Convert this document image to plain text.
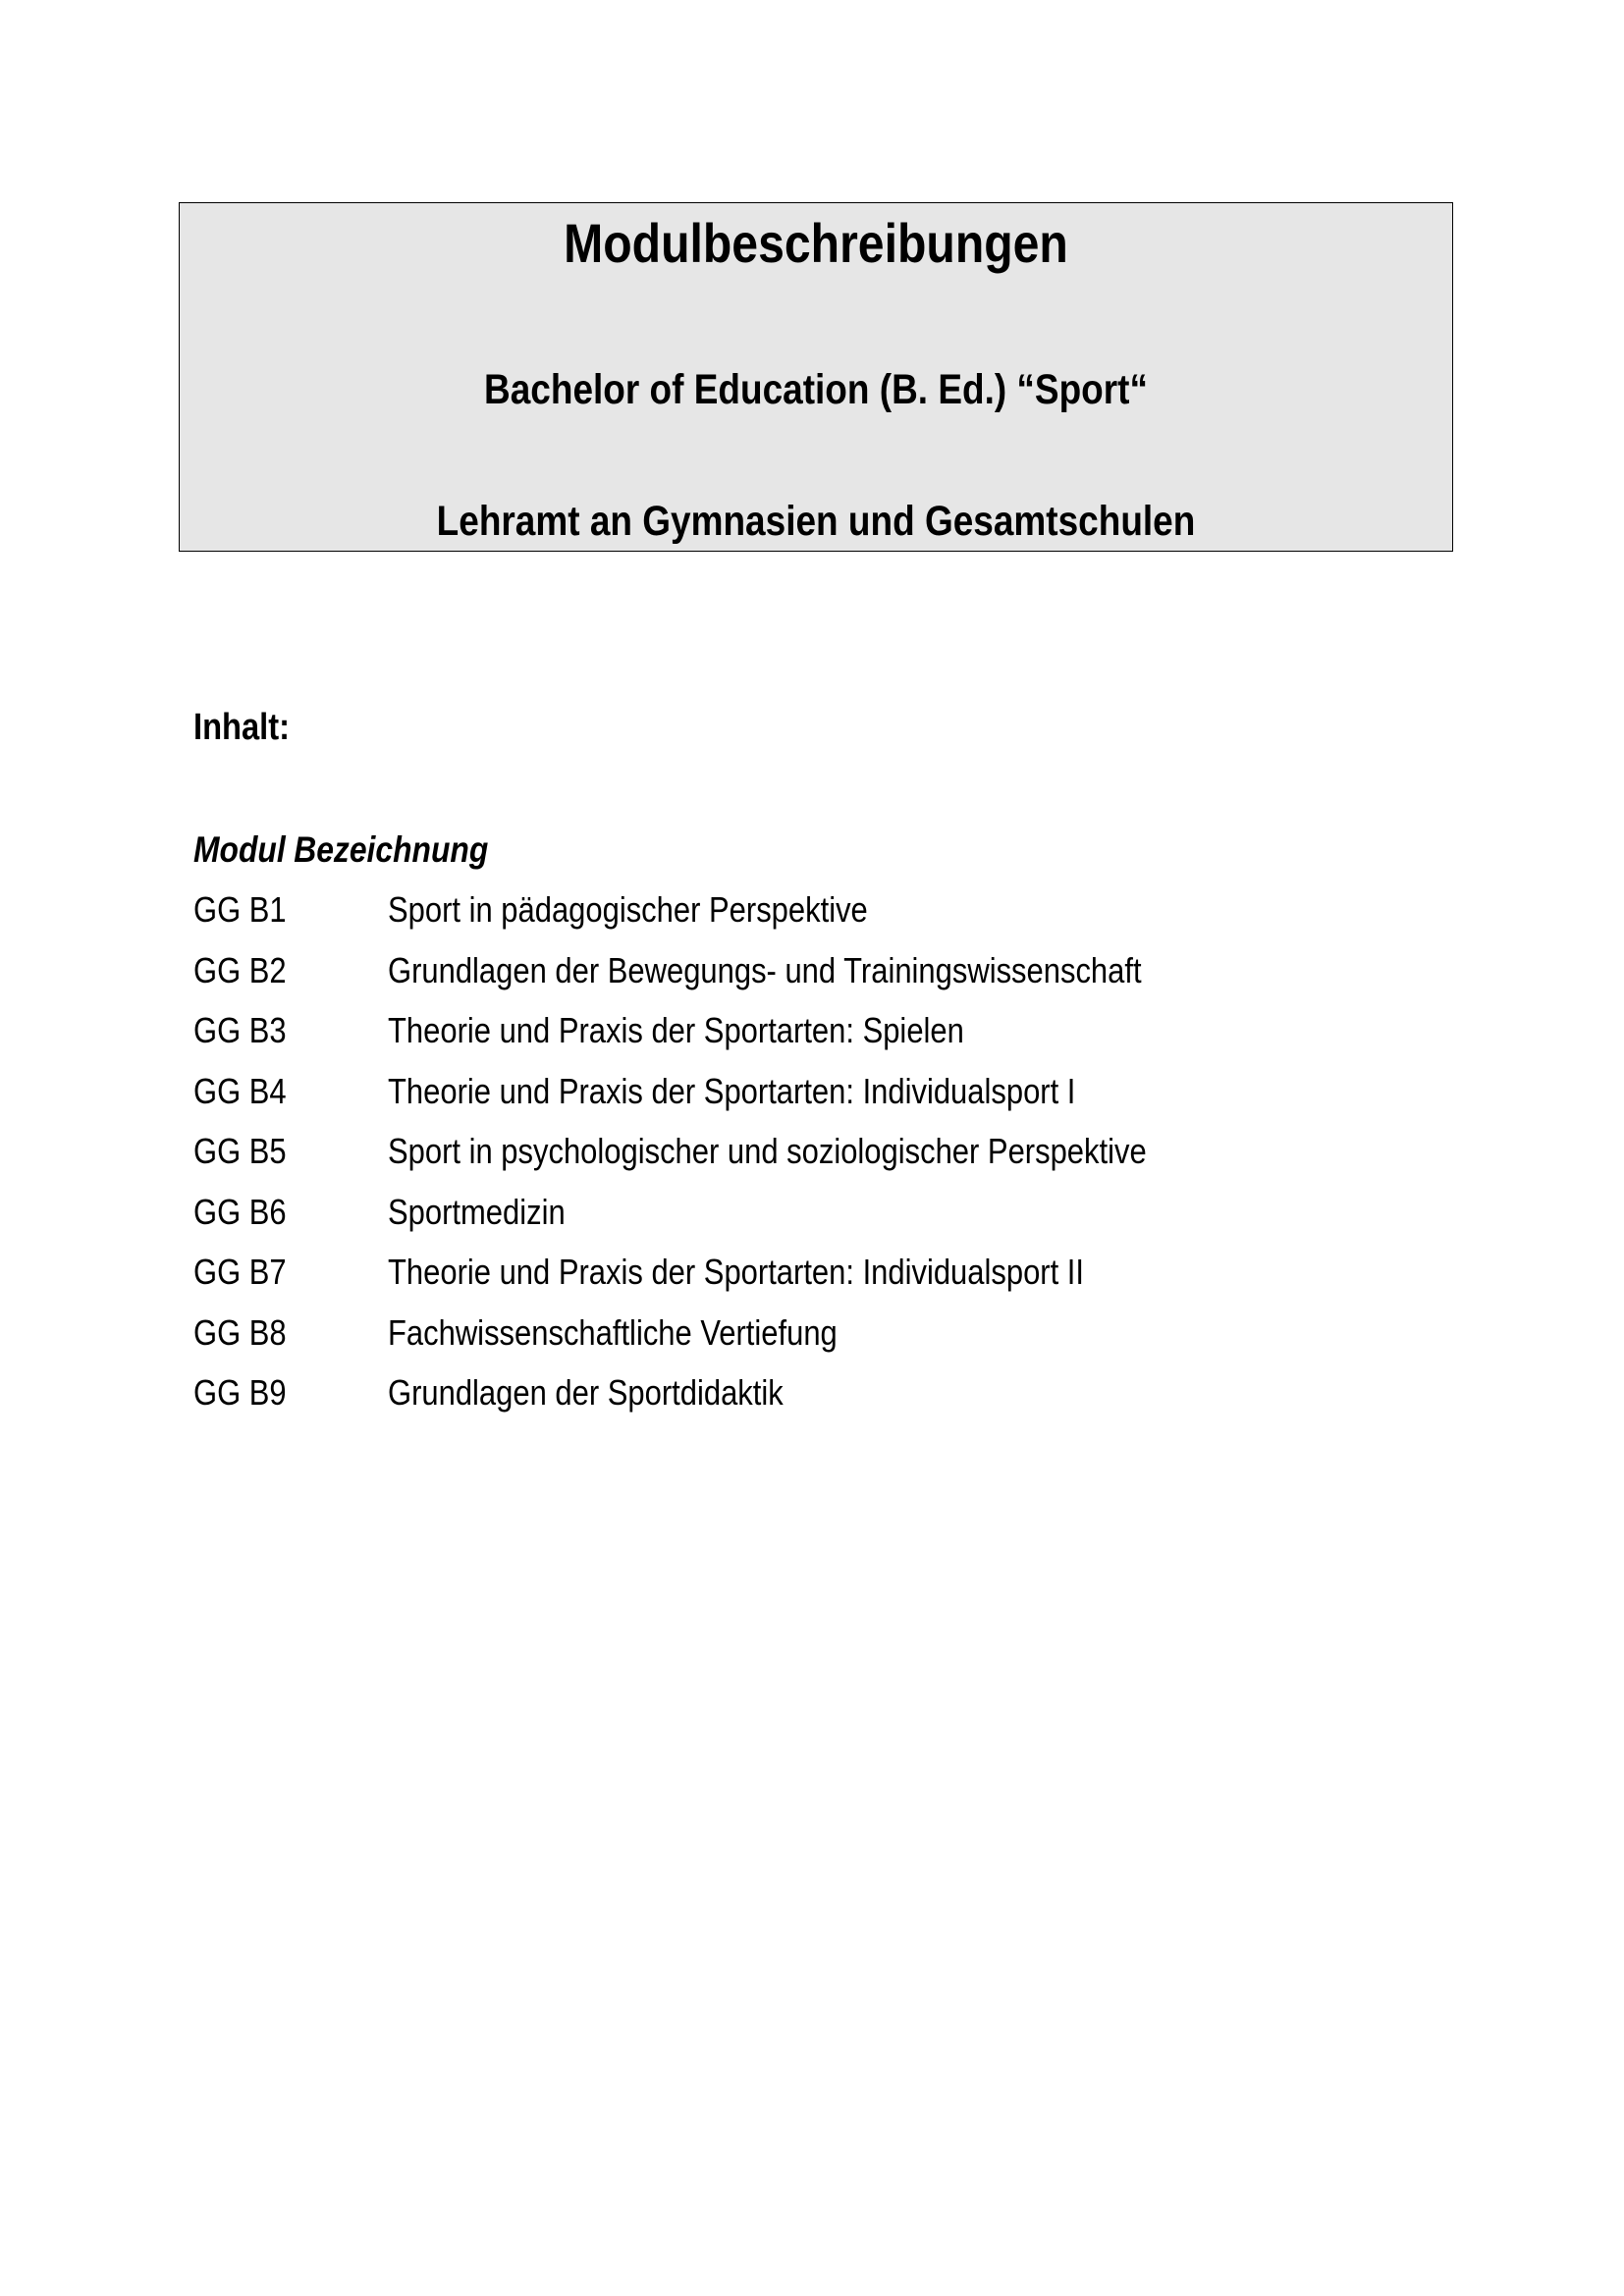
Modulbeschreibungen
Bachelor of Education (B. Ed.) “Sport“
Lehramt an Gymnasien und Gesamtschulen
Inhalt:
Modul Bezeichnung
GG B1	Sport in pädagogischer Perspektive
GG B2	Grundlagen der Bewegungs- und Trainingswissenschaft
GG B3	Theorie und Praxis der Sportarten: Spielen
GG B4	Theorie und Praxis der Sportarten: Individualsport I
GG B5	Sport in psychologischer und soziologischer Perspektive
GG B6	Sportmedizin
GG B7	Theorie und Praxis der Sportarten: Individualsport II
GG B8	Fachwissenschaftliche Vertiefung
GG B9	Grundlagen der Sportdidaktik
